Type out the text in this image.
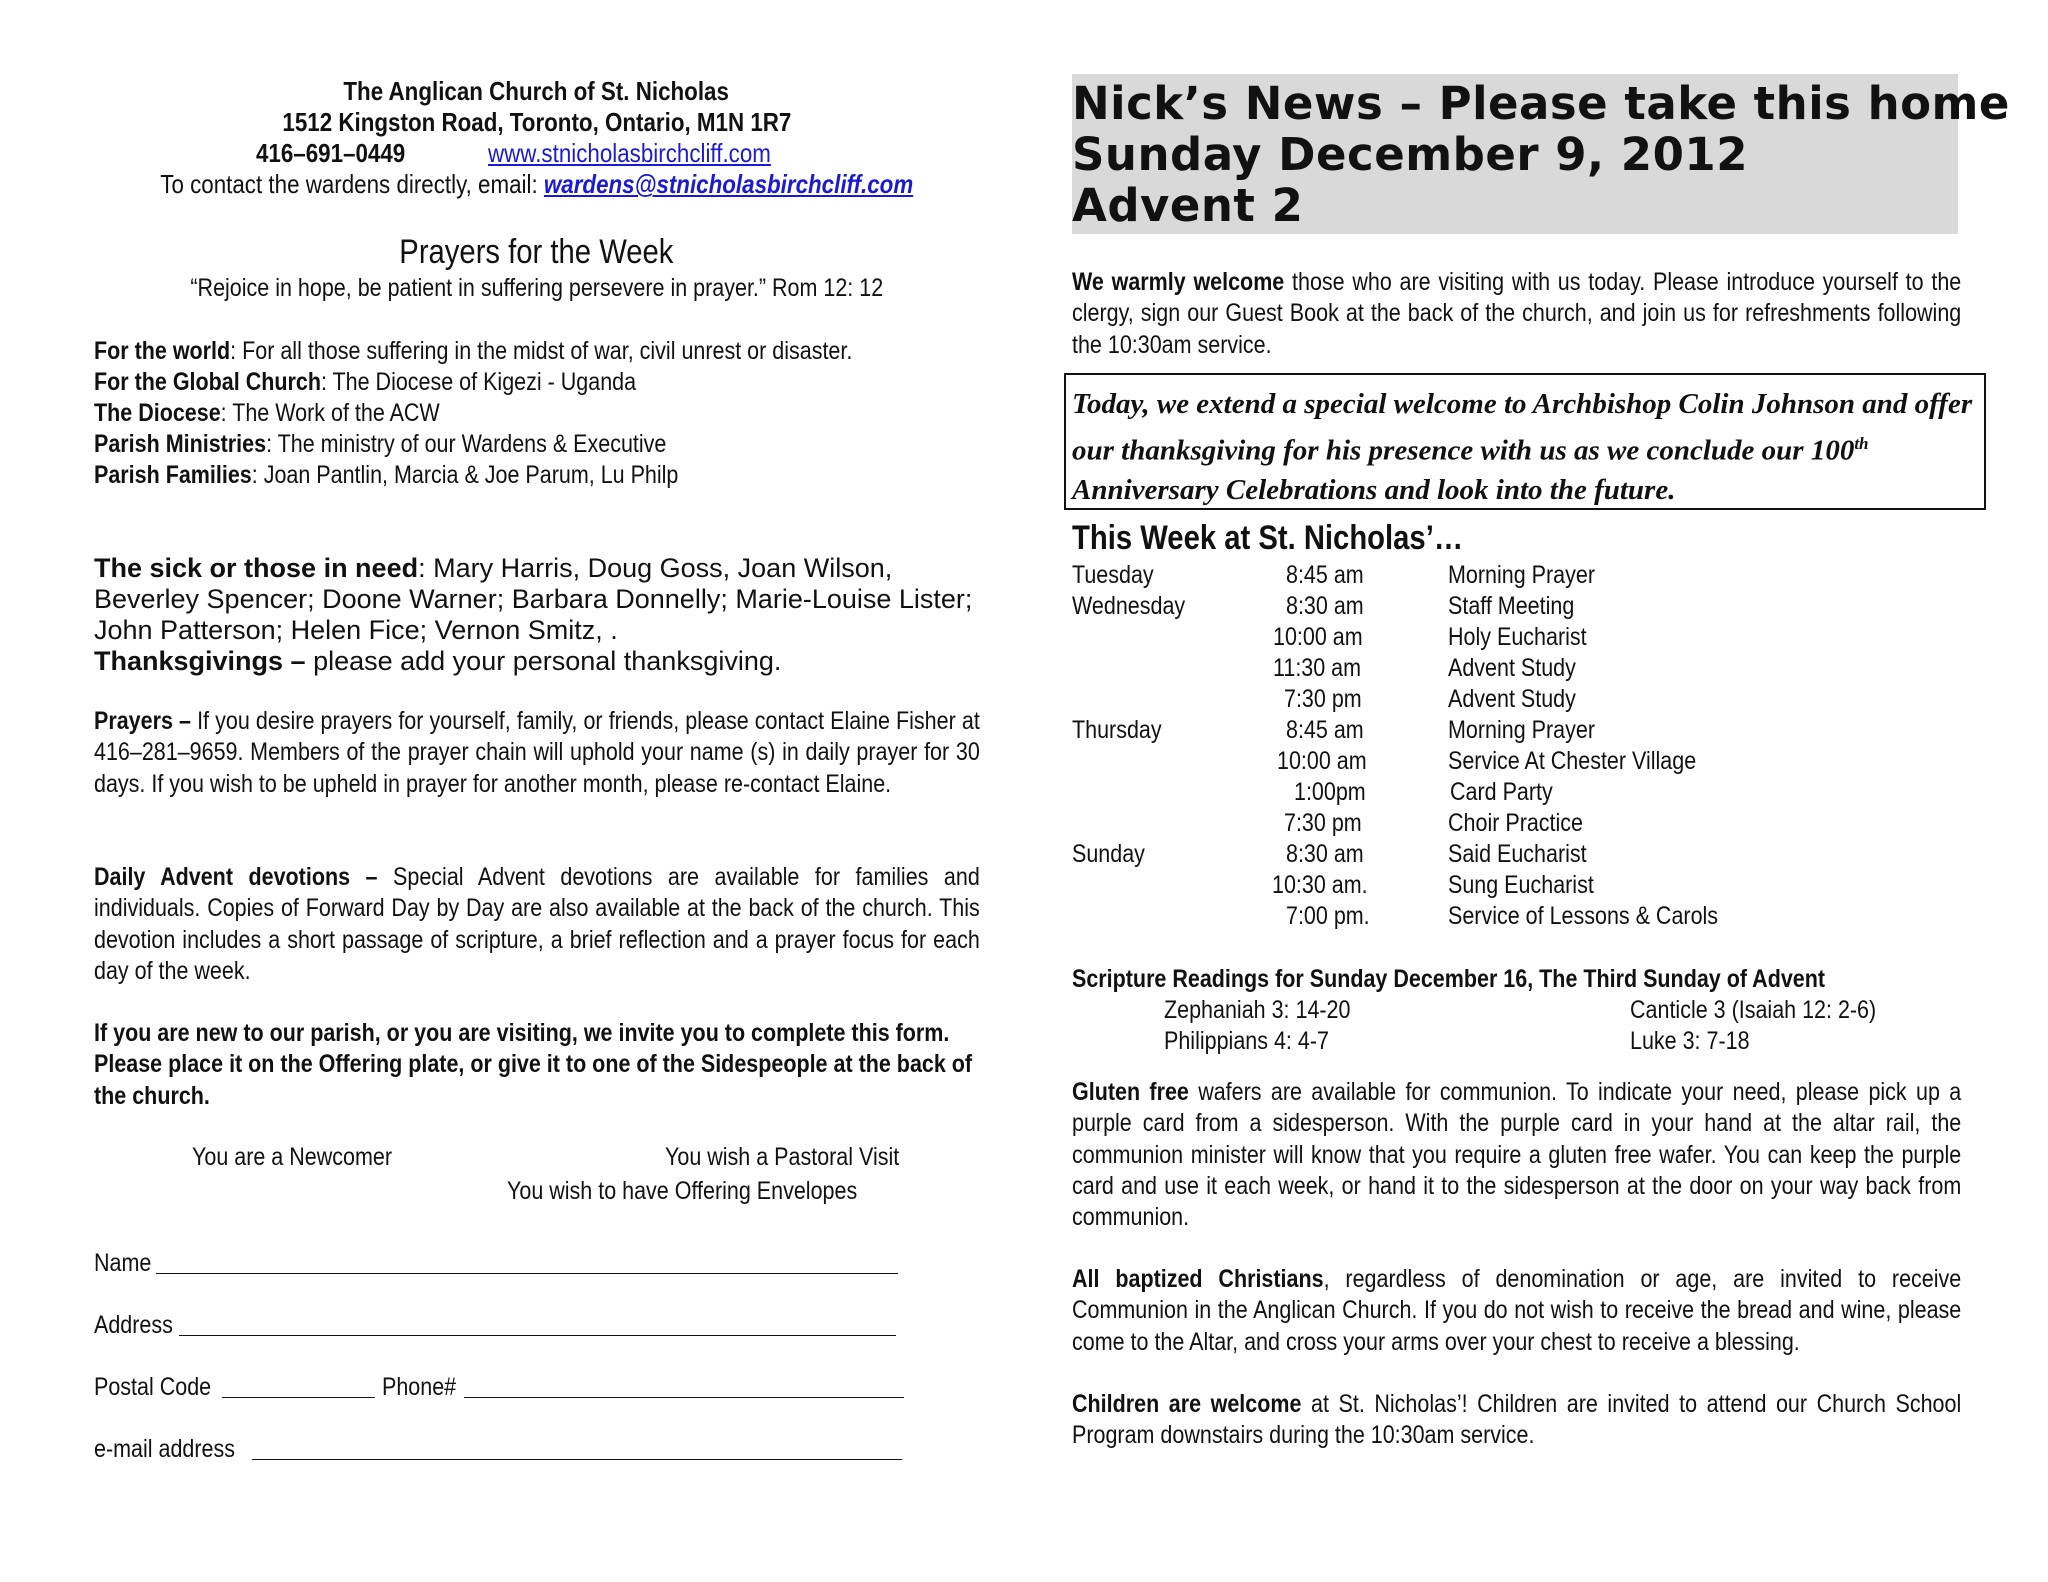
The Anglican Church of St. Nicholas
1512 Kingston Road, Toronto, Ontario, M1N 1R7
416–691–0449	www.stnicholasbirchcliff.com
To contact the wardens directly, email: wardens@stnicholasbirchcliff.com
Prayers for the Week
“Rejoice in hope, be patient in suffering persevere in prayer.” Rom 12: 12
For the world: For all those suffering in the midst of war, civil unrest or disaster.
For the Global Church: The Diocese of Kigezi - Uganda
The Diocese: The Work of the ACW
Parish Ministries: The ministry of our Wardens & Executive
Parish Families: Joan Pantlin, Marcia & Joe Parum, Lu Philp
The sick or those in need: Mary Harris, Doug Goss, Joan Wilson, Beverley Spencer; Doone Warner; Barbara Donnelly; Marie-Louise Lister; John Patterson; Helen Fice; Vernon Smitz, .
Thanksgivings – please add your personal thanksgiving.
Prayers – If you desire prayers for yourself, family, or friends, please contact Elaine Fisher at 416–281–9659. Members of the prayer chain will uphold your name (s) in daily prayer for 30 days. If you wish to be upheld in prayer for another month, please re-contact Elaine.
Daily Advent devotions – Special Advent devotions are available for families and individuals. Copies of Forward Day by Day are also available at the back of the church. This devotion includes a short passage of scripture, a brief reflection and a prayer focus for each day of the week.
If you are new to our parish, or you are visiting, we invite you to complete this form. Please place it on the Offering plate, or give it to one of the Sidespeople at the back of the church.
You are a Newcomer	You wish a Pastoral Visit
You wish to have Offering Envelopes
Name
Address
Postal Code	Phone#
e-mail address
Nick’s News – Please take this home
Sunday December 9, 2012
Advent 2
We warmly welcome those who are visiting with us today. Please introduce yourself to the clergy, sign our Guest Book at the back of the church, and join us for refreshments following the 10:30am service.
Today, we extend a special welcome to Archbishop Colin Johnson and offer our thanksgiving for his presence with us as we conclude our 100th Anniversary Celebrations and look into the future.
This Week at St. Nicholas’…
Tuesday	8:45 am	Morning Prayer
Wednesday	8:30 am	Staff Meeting
10:00 am	Holy Eucharist
11:30 am	Advent Study
7:30 pm	Advent Study
Thursday	8:45 am	Morning Prayer
10:00 am	Service At Chester Village
1:00pm	Card Party
7:30 pm	Choir Practice
Sunday	8:30 am	Said Eucharist
10:30 am.	Sung Eucharist
7:00 pm.	Service of Lessons & Carols
Scripture Readings for Sunday December 16, The Third Sunday of Advent
Zephaniah 3: 14-20	Canticle 3 (Isaiah 12: 2-6)
Philippians 4: 4-7	Luke 3: 7-18
Gluten free wafers are available for communion. To indicate your need, please pick up a purple card from a sidesperson. With the purple card in your hand at the altar rail, the communion minister will know that you require a gluten free wafer. You can keep the purple card and use it each week, or hand it to the sidesperson at the door on your way back from communion.
All baptized Christians, regardless of denomination or age, are invited to receive Communion in the Anglican Church. If you do not wish to receive the bread and wine, please come to the Altar, and cross your arms over your chest to receive a blessing.
Children are welcome at St. Nicholas’! Children are invited to attend our Church School Program downstairs during the 10:30am service.
